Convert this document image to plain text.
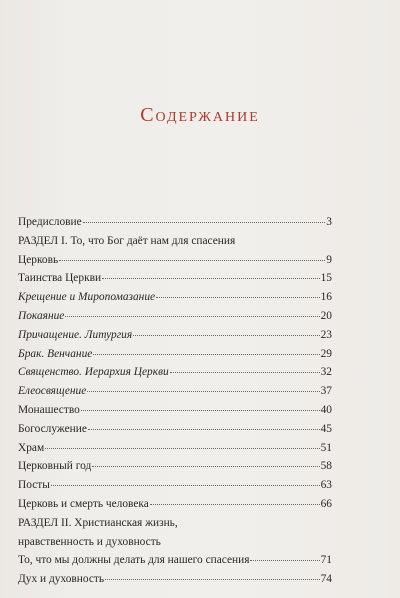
Содержание
Предисловие	3
РАЗДЕЛ I. То, что Бог даёт нам для спасения
Церковь	9
Таинства Церкви	15
Крещение и Миропомазание	16
Покаяние	20
Причащение. Литургия	23
Брак. Венчание	29
Священство. Иерархия Церкви	32
Елеосвящение	37
Монашество	40
Богослужение	45
Храм	51
Церковный год	58
Посты	63
Церковь и смерть человека	66
РАЗДЕЛ II. Христианская жизнь,
нравственность и духовность
То, что мы должны делать для нашего спасения	71
Дух и духовность	74
